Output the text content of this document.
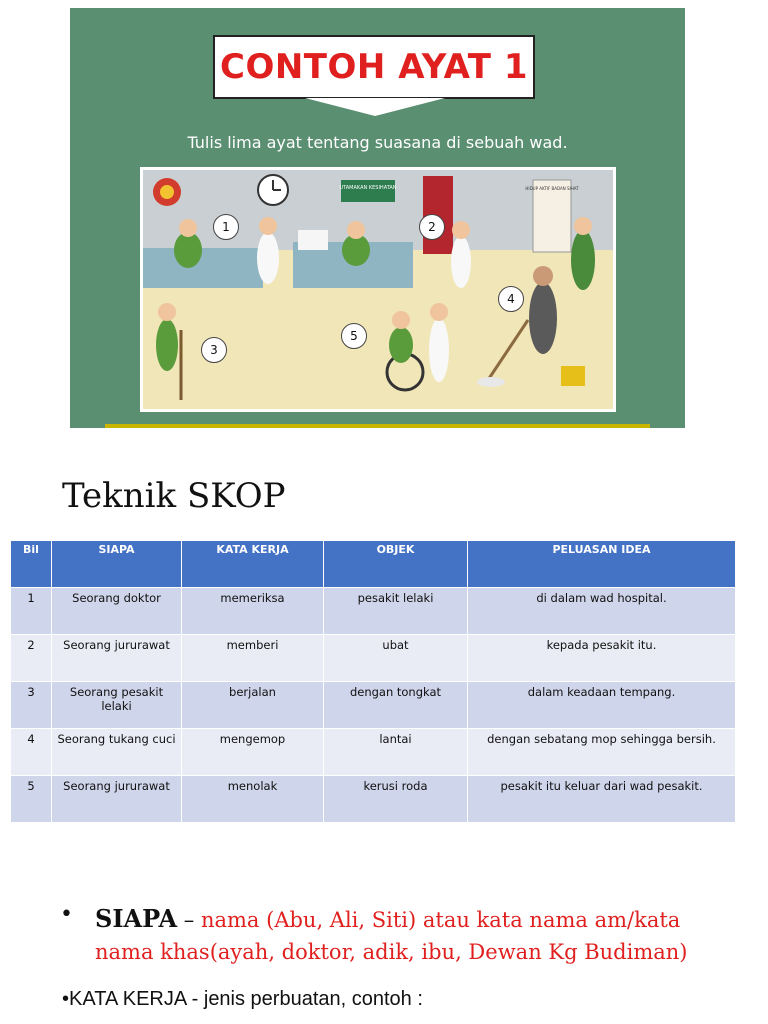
CONTOH AYAT 1
Tulis lima ayat tentang suasana di sebuah wad.
UTAMAKAN KESIHATAN	HIDUP AKTIF BADAN SIHAT
1	2
3
4
5
Teknik SKOP
Bil	SIAPA	KATA KERJA	OBJEK	PELUASAN IDEA
1	Seorang doktor	memeriksa	pesakit lelaki	di dalam wad hospital.
2	Seorang jururawat	memberi	ubat	kepada pesakit itu.
3	Seorang pesakit lelaki	berjalan	dengan tongkat	dalam keadaan tempang.
4	Seorang tukang cuci	mengemop	lantai	dengan sebatang mop sehingga bersih.
5	Seorang jururawat	menolak	kerusi roda	pesakit itu keluar dari wad pesakit.
• SIAPA – nama (Abu, Ali, Siti) atau kata nama am/kata nama khas(ayah, doktor, adik, ibu, Dewan Kg Budiman)
•KATA KERJA - jenis perbuatan, contoh :
